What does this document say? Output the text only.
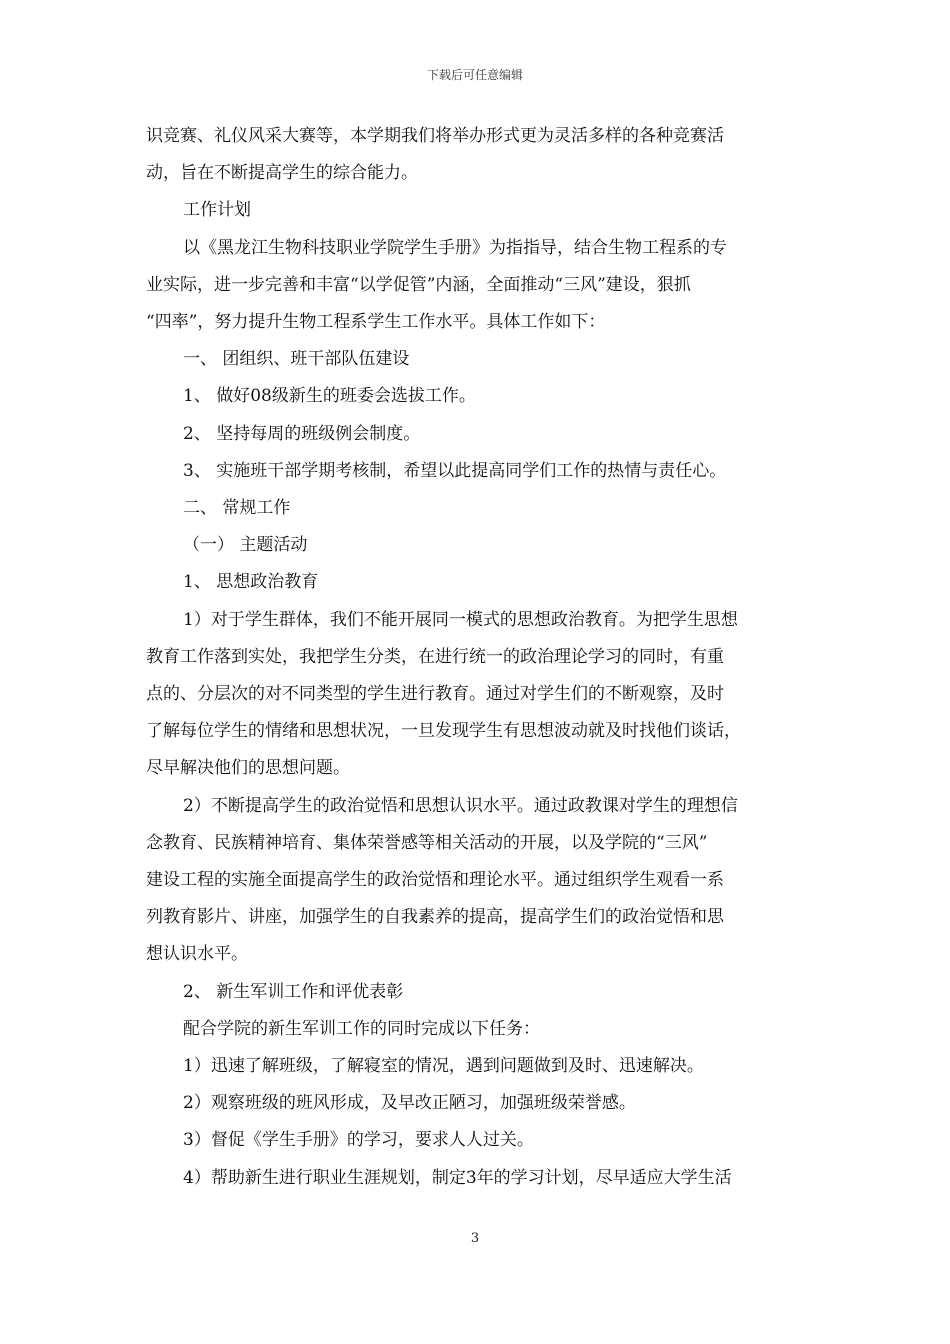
下载后可任意编辑

识竞赛、礼仪风采大赛等，本学期我们将举办形式更为灵活多样的各种竞赛活

动，旨在不断提高学生的综合能力。

工作计划

以《黑龙江生物科技职业学院学生手册》为指指导，结合生物工程系的专

业实际，进一步完善和丰富“以学促管”内涵，全面推动“三风”建设，狠抓

“四率”，努力提升生物工程系学生工作水平。具体工作如下：

一、 团组织、班干部队伍建设

1、 做好08级新生的班委会选拔工作。

2、 坚持每周的班级例会制度。

3、 实施班干部学期考核制，希望以此提高同学们工作的热情与责任心。

二、 常规工作

（一） 主题活动

1、 思想政治教育

1）对于学生群体，我们不能开展同一模式的思想政治教育。为把学生思想

教育工作落到实处，我把学生分类，在进行统一的政治理论学习的同时，有重

点的、分层次的对不同类型的学生进行教育。通过对学生们的不断观察，及时

了解每位学生的情绪和思想状况，一旦发现学生有思想波动就及时找他们谈话，

尽早解决他们的思想问题。

2）不断提高学生的政治觉悟和思想认识水平。通过政教课对学生的理想信

念教育、民族精神培育、集体荣誉感等相关活动的开展，以及学院的“三风”

建设工程的实施全面提高学生的政治觉悟和理论水平。通过组织学生观看一系

列教育影片、讲座，加强学生的自我素养的提高，提高学生们的政治觉悟和思

想认识水平。

2、 新生军训工作和评优表彰

配合学院的新生军训工作的同时完成以下任务：

1）迅速了解班级，了解寝室的情况，遇到问题做到及时、迅速解决。

2）观察班级的班风形成，及早改正陋习，加强班级荣誉感。

3）督促《学生手册》的学习，要求人人过关。

4）帮助新生进行职业生涯规划，制定3年的学习计划，尽早适应大学生活

3
